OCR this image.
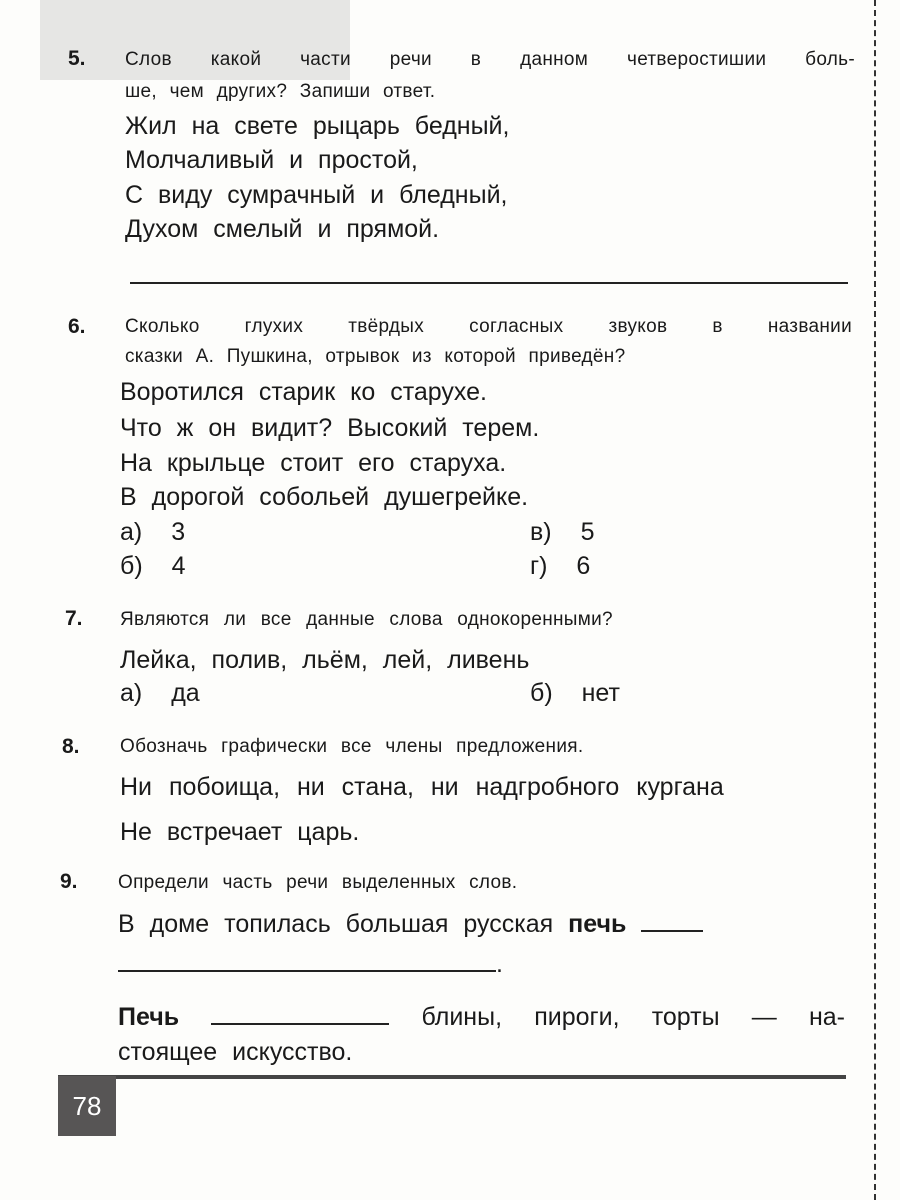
5. Слов какой части речи в данном четверостишии боль-
ше, чем других? Запиши ответ.
Жил на свете рыцарь бедный,
Молчаливый и простой,
С виду сумрачный и бледный,
Духом смелый и прямой.
6. Сколько глухих твёрдых согласных звуков в названии
сказки А. Пушкина, отрывок из которой приведён?
Воротился старик ко старухе.
Что ж он видит? Высокий терем.
На крыльце стоит его старуха.
В дорогой собольей душегрейке.
а) 3	в) 5
б) 4	г) 6
7. Являются ли все данные слова однокоренными?
Лейка, полив, льём, лей, ливень
а) да	б) нет
8. Обозначь графически все члены предложения.
Ни побоища, ни стана, ни надгробного кургана
Не встречает царь.
9. Определи часть речи выделенных слов.
В доме топилась большая русская печь
.
Печь	блины, пироги, торты — на-
стоящее искусство.
78
